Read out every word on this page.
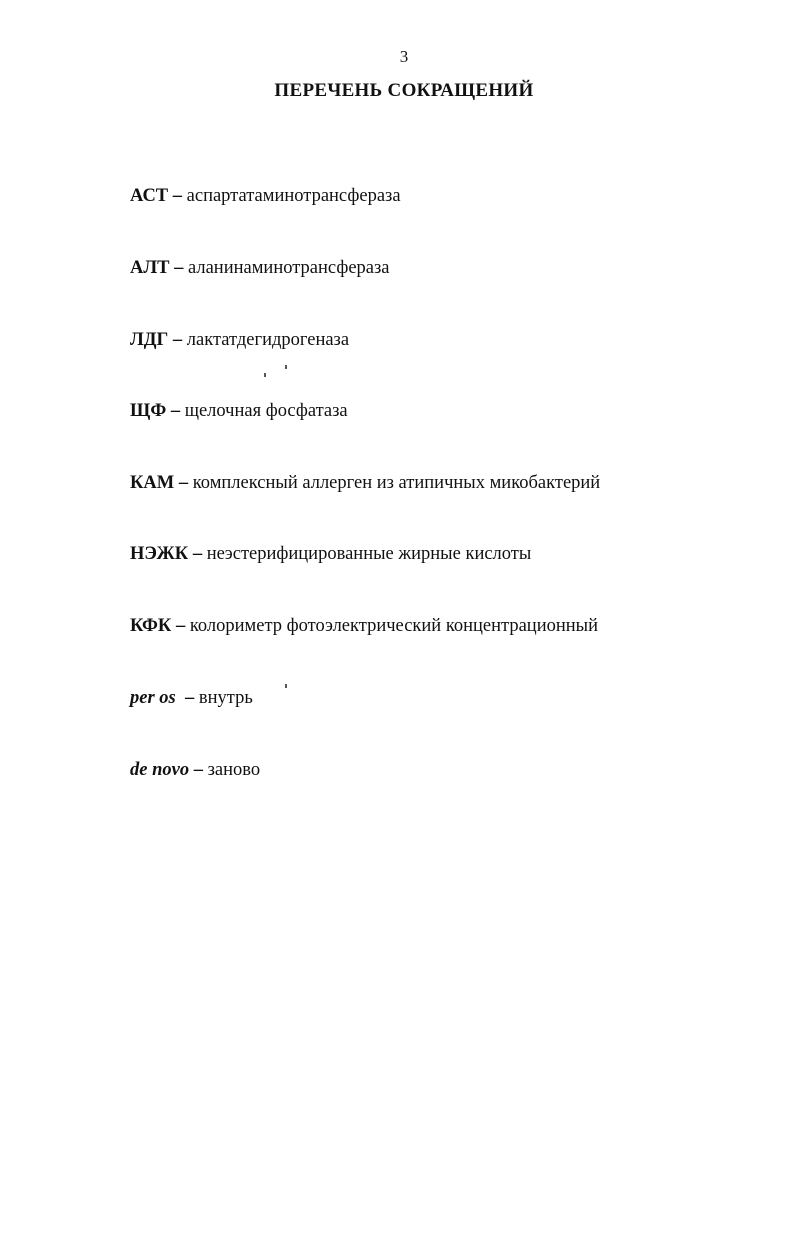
3
ПЕРЕЧЕНЬ СОКРАЩЕНИЙ
АСТ – аспартатаминотрансфераза
АЛТ – аланинаминотрансфераза
ЛДГ – лактатдегидрогеназа
ЩФ – щелочная фосфатаза
КАМ – комплексный аллерген из атипичных микобактерий
НЭЖК – неэстерифицированные жирные кислоты
КФК – колориметр фотоэлектрический концентрационный
per os – внутрь
de novo – заново
